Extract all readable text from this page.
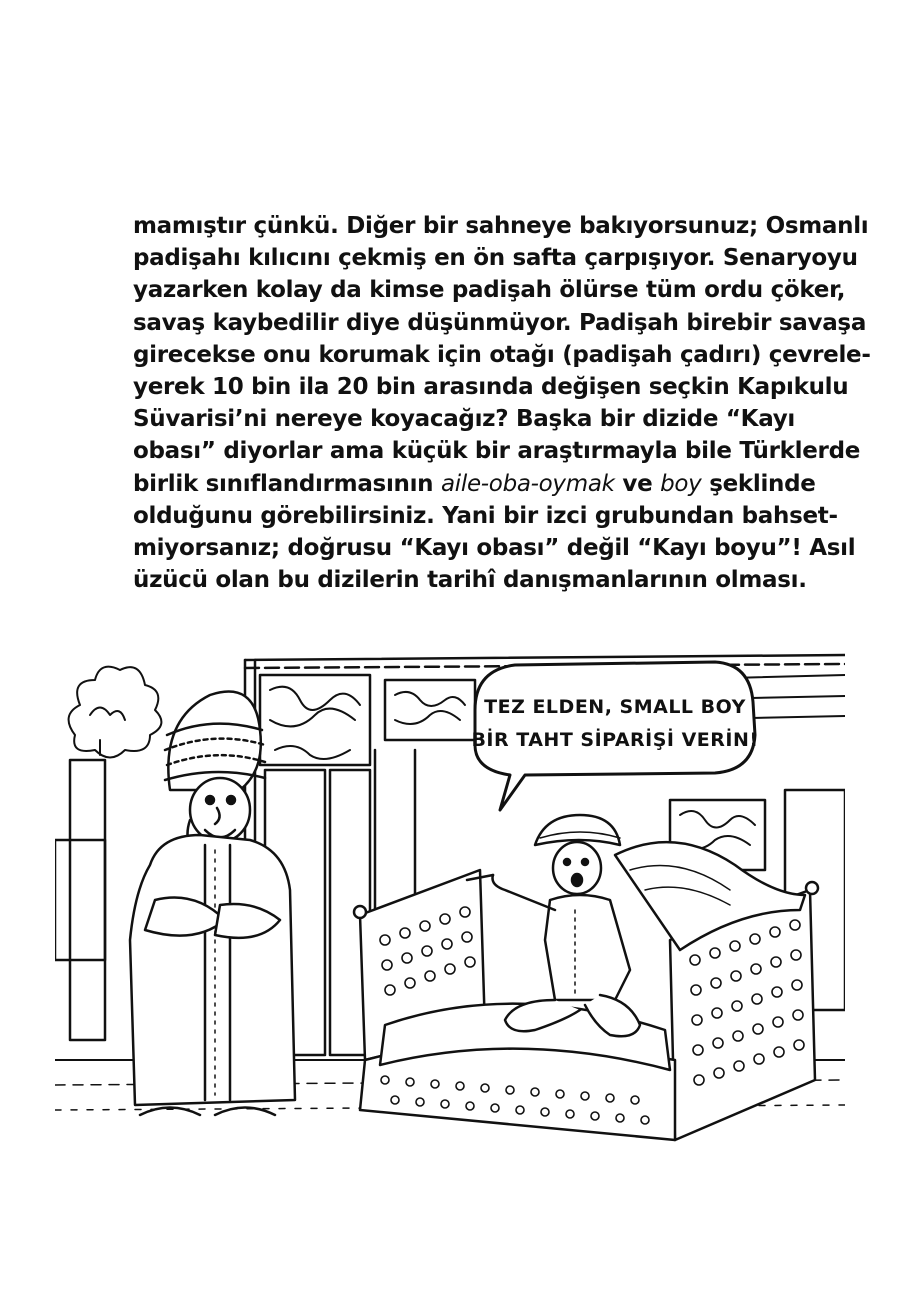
mamıştır çünkü. Diğer bir sahneye bakıyorsunuz; Osmanlı
padişahı kılıcını çekmiş en ön safta çarpışıyor. Senaryoyu
yazarken kolay da kimse padişah ölürse tüm ordu çöker,
savaş kaybedilir diye düşünmüyor. Padişah birebir savaşa
girecekse onu korumak için otağı (padişah çadırı) çevrele-
yerek 10 bin ila 20 bin arasında değişen seçkin Kapıkulu
Süvarisi’ni nereye koyacağız? Başka bir dizide “Kayı
obası” diyorlar ama küçük bir araştırmayla bile Türklerde
birlik sınıflandırmasının aile-oba-oymak ve boy şeklinde
olduğunu görebilirsiniz. Yani bir izci grubundan bahset-
miyorsanız; doğrusu “Kayı obası” değil “Kayı boyu”! Asıl
üzücü olan bu dizilerin tarihî danışmanlarının olması.
TEZ ELDEN, SMALL BOY
BİR TAHT SİPARİŞİ VERİN!
